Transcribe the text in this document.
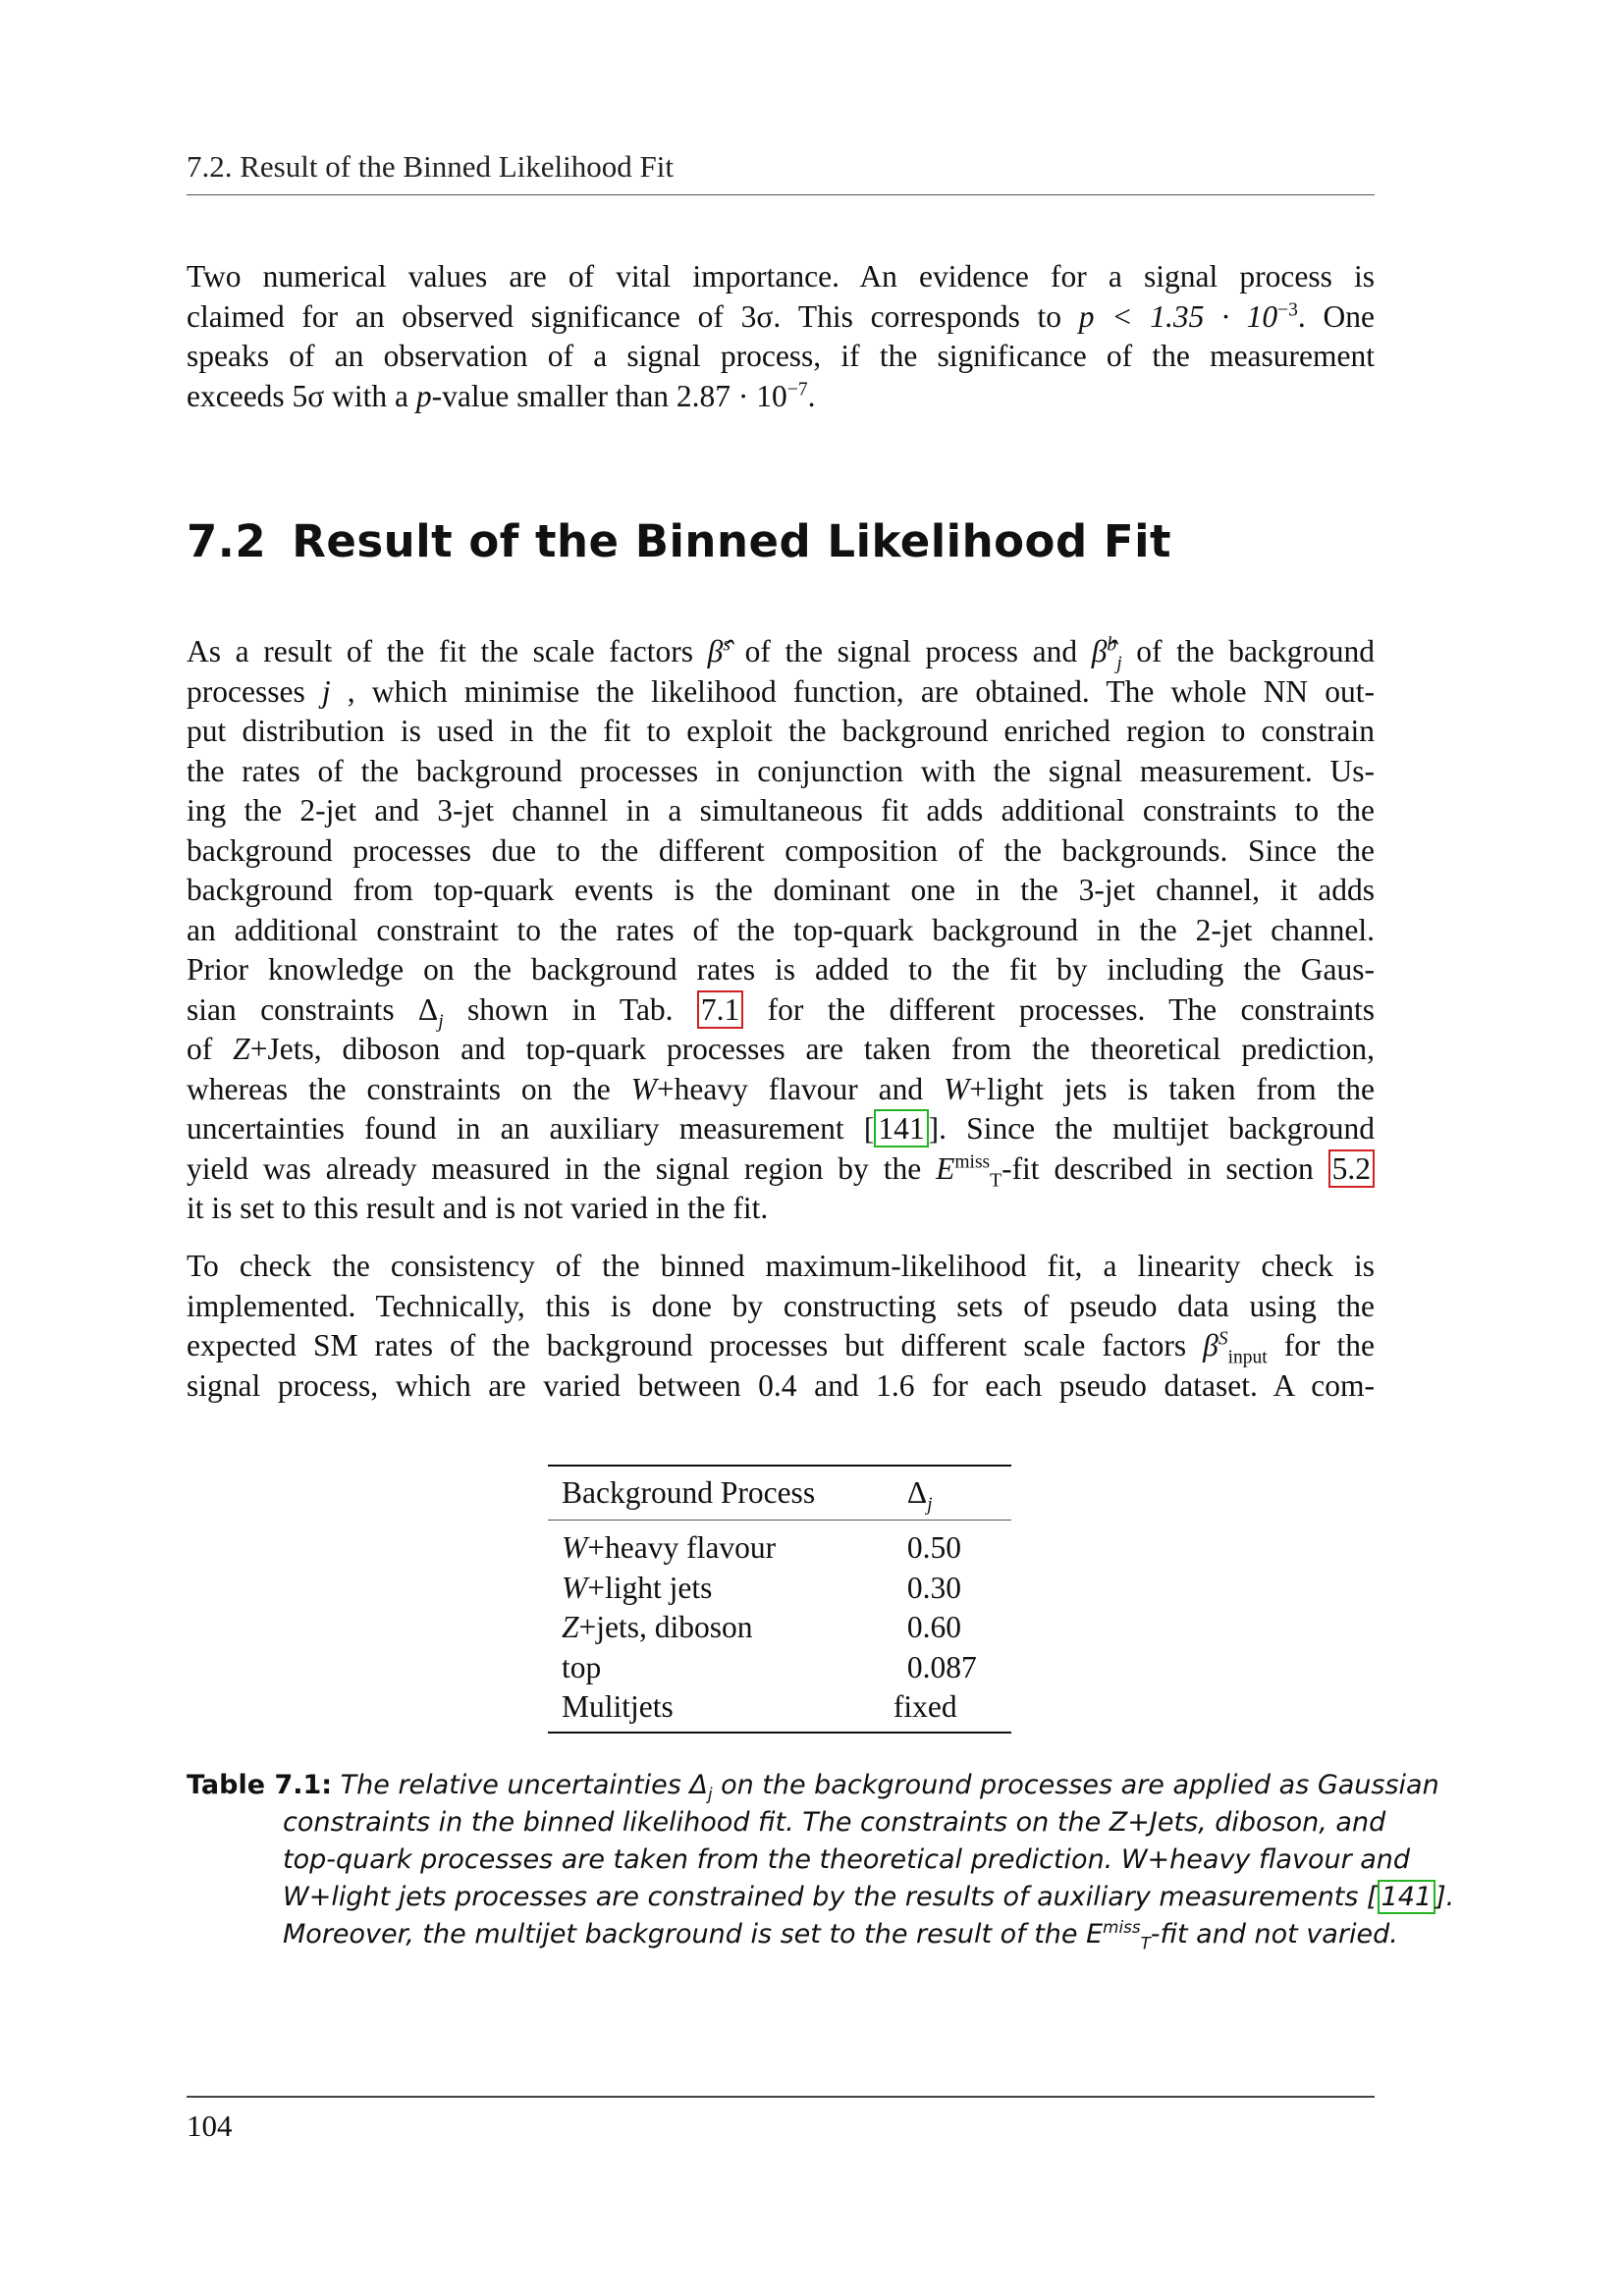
7.2. Result of the Binned Likelihood Fit
Two numerical values are of vital importance. An evidence for a signal process is
claimed for an observed significance of 3σ. This corresponds to $p < 1.35 \cdot 10^{-3}$. One
speaks of an observation of a signal process, if the significance of the measurement
exceeds 5σ with a p-value smaller than $2.87 \cdot 10^{-7}$.
7.2 Result of the Binned Likelihood Fit
As a result of the fit the scale factors β̂$^s$ of the signal process and β̂$^b_j$ of the background
processes j , which minimise the likelihood function, are obtained. The whole NN out-
put distribution is used in the fit to exploit the background enriched region to constrain
the rates of the background processes in conjunction with the signal measurement. Us-
ing the 2-jet and 3-jet channel in a simultaneous fit adds additional constraints to the
background processes due to the different composition of the backgrounds. Since the
background from top-quark events is the dominant one in the 3-jet channel, it adds
an additional constraint to the rates of the top-quark background in the 2-jet channel.
Prior knowledge on the background rates is added to the fit by including the Gaus-
sian constraints $\Delta_j$ shown in Tab. 7.1 for the different processes. The constraints
of Z+Jets, diboson and top-quark processes are taken from the theoretical prediction,
whereas the constraints on the W+heavy flavour and W+light jets is taken from the
uncertainties found in an auxiliary measurement [ 141 ]. Since the multijet background
yield was already measured in the signal region by the $E^{miss}_T$-fit described in section 5.2
it is set to this result and is not varied in the fit.
To check the consistency of the binned maximum-likelihood fit, a linearity check is
implemented. Technically, this is done by constructing sets of pseudo data using the
expected SM rates of the background processes but different scale factors $\beta^S_{input}$ for the
signal process, which are varied between 0.4 and 1.6 for each pseudo dataset. A com-
Background Process	$\Delta_j$
W+heavy flavour	0.50
W+light jets	0.30
Z+jets, diboson	0.60
top	0.087
Mulitjets	fixed
Table 7.1: The relative uncertainties $\Delta_j$ on the background processes are applied as Gaussian
constraints in the binned likelihood fit. The constraints on the Z+Jets, diboson, and
top-quark processes are taken from the theoretical prediction. W+heavy flavour and
W+light jets processes are constrained by the results of auxiliary measurements [ 141 ].
Moreover, the multijet background is set to the result of the $E^{miss}_T$-fit and not varied.
104
